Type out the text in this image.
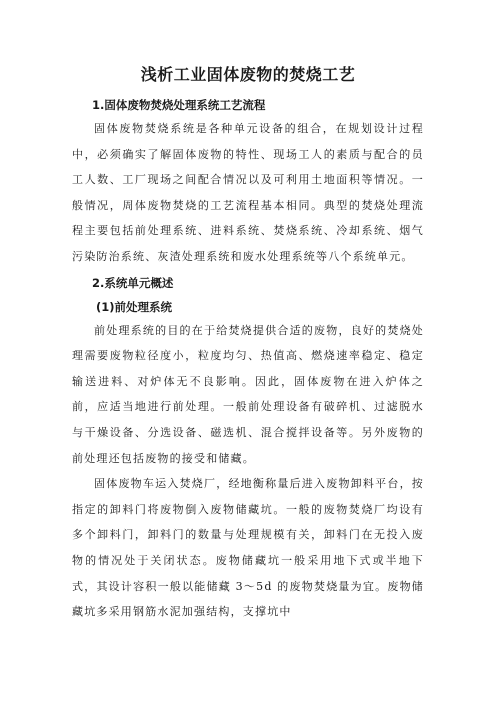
浅析工业固体废物的焚烧工艺
1.固体废物焚烧处理系统工艺流程

固体废物焚烧系统是各种单元设备的组合，在规划设计过程中，必须确实了解固体废物的特性、现场工人的素质与配合的员工人数、工厂现场之间配合情况以及可利用土地面积等情况。一般情况，周体废物焚烧的工艺流程基本相同。典型的焚烧处理流程主要包括前处理系统、进料系统、焚烧系统、冷却系统、烟气污染防治系统、灰渣处理系统和废水处理系统等八个系统单元。

2.系统单元概述
(1)前处理系统

前处理系统的目的在于给焚烧提供合适的废物，良好的焚烧处理需要废物粒径度小，粒度均匀、热值高、燃烧速率稳定、稳定输送进料、对炉体无不良影响。因此，固体废物在进入炉体之前，应适当地进行前处理。一般前处理设备有破碎机、过滤脱水与干燥设备、分选设备、磁选机、混合搅拌设备等。另外废物的前处理还包括废物的接受和储藏。

固体废物车运入焚烧厂，经地衡称量后进入废物卸料平台，按指定的卸料门将废物倒入废物储藏坑。一般的废物焚烧厂均设有多个卸料门，卸料门的数量与处理规模有关，卸料门在无投入废物的情况处于关闭状态。废物储藏坑一般采用地下式或半地下式，其设计容积一般以能储藏 3～5d 的废物焚烧量为宜。废物储藏坑多采用钢筋水泥加强结构，支撑坑中
